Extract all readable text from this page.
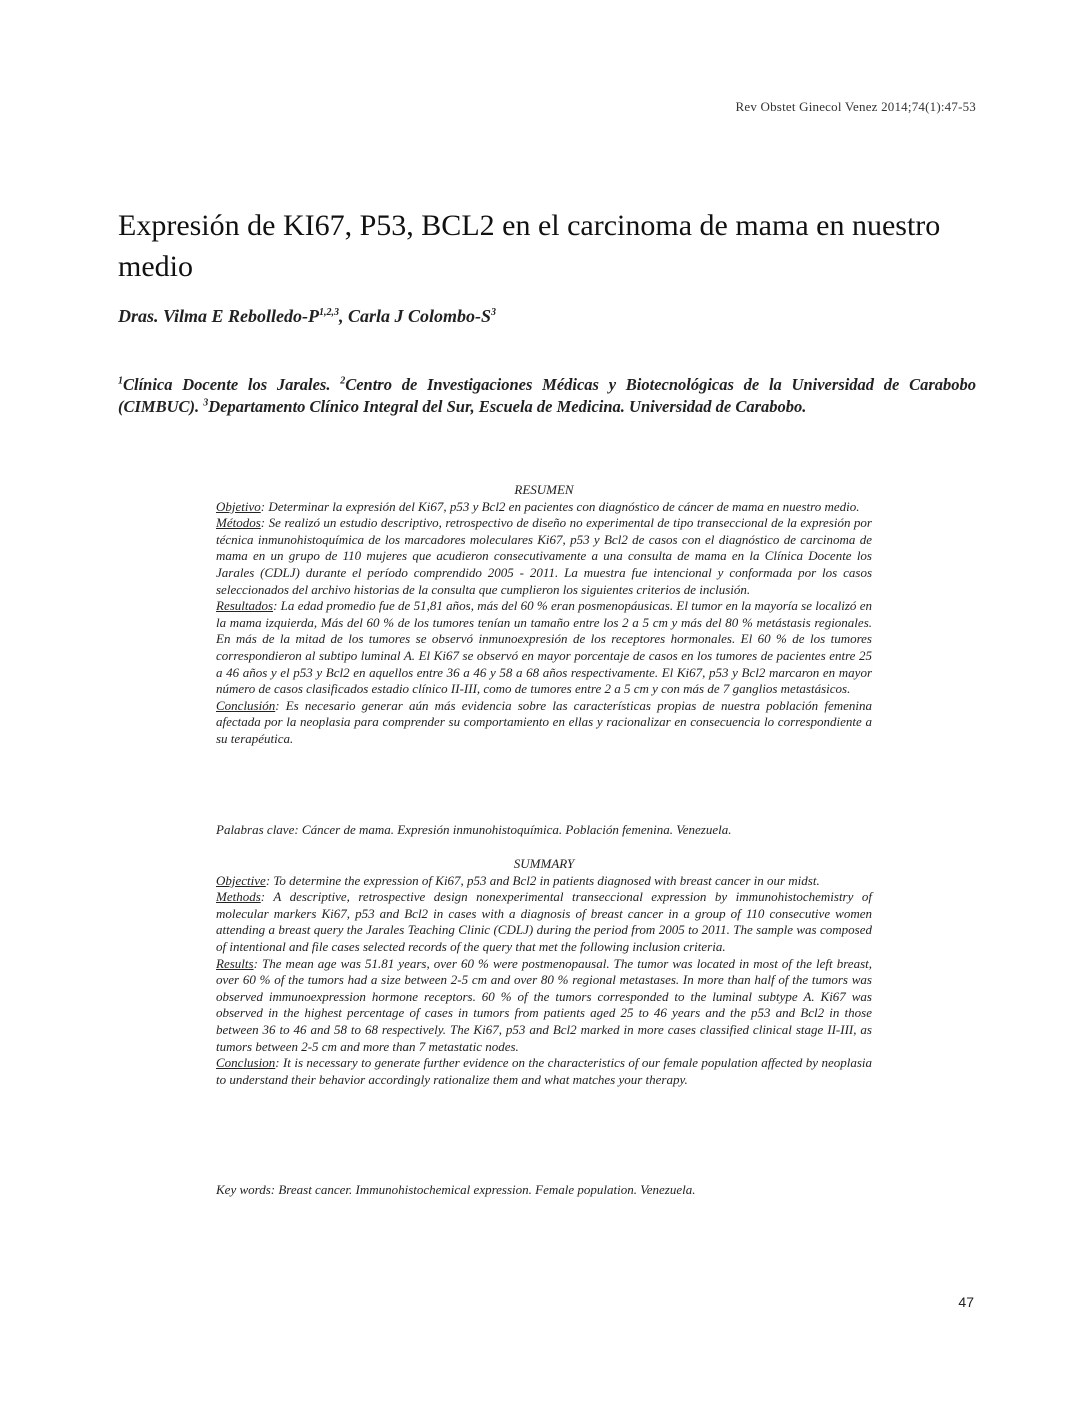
Rev Obstet Ginecol Venez 2014;74(1):47-53
Expresión de KI67, P53, BCL2 en el carcinoma de mama en nuestro medio
Dras. Vilma E Rebolledo-$P^{1,2,3}$, Carla J Colombo-$S^3$

$^1$Clínica Docente los Jarales. $^2$Centro de Investigaciones Médicas y Biotecnológicas de la Universidad de Carabobo (CIMBUC). $^3$Departamento Clínico Integral del Sur, Escuela de Medicina. Universidad de Carabobo.

RESUMEN

Objetivo: Determinar la expresión del Ki67, p53 y Bcl2 en pacientes con diagnóstico de cáncer de mama en nuestro medio.

Métodos: Se realizó un estudio descriptivo, retrospectivo de diseño no experimental de tipo transeccional de la expresión por técnica inmunohistoquímica de los marcadores moleculares Ki67, p53 y Bcl2 de casos con el diagnóstico de carcinoma de mama en un grupo de 110 mujeres que acudieron consecutivamente a una consulta de mama en la Clínica Docente los Jarales (CDLJ) durante el período comprendido 2005 - 2011. La muestra fue intencional y conformada por los casos seleccionados del archivo historias de la consulta que cumplieron los siguientes criterios de inclusión.

Resultados: La edad promedio fue de 51,81 años, más del 60 % eran posmenopáusicas. El tumor en la mayoría se localizó en la mama izquierda, Más del 60 % de los tumores tenían un tamaño entre los 2 a 5 cm y más del 80 % metástasis regionales. En más de la mitad de los tumores se observó inmunoexpresión de los receptores hormonales. El 60 % de los tumores correspondieron al subtipo luminal A. El Ki67 se observó en mayor porcentaje de casos en los tumores de pacientes entre 25 a 46 años y el p53 y Bcl2 en aquellos entre 36 a 46 y 58 a 68 años respectivamente. El Ki67, p53 y Bcl2 marcaron en mayor número de casos clasificados estadio clínico II-III, como de tumores entre 2 a 5 cm y con más de 7 ganglios metastásicos.

Conclusión: Es necesario generar aún más evidencia sobre las características propias de nuestra población femenina afectada por la neoplasia para comprender su comportamiento en ellas y racionalizar en consecuencia lo correspondiente a su terapéutica.

Palabras clave: Cáncer de mama. Expresión inmunohistoquímica. Población femenina. Venezuela.

SUMMARY

Objective: To determine the expression of Ki67, p53 and Bcl2 in patients diagnosed with breast cancer in our midst.

Methods: A descriptive, retrospective design nonexperimental transeccional expression by immunohistochemistry of molecular markers Ki67, p53 and Bcl2 in cases with a diagnosis of breast cancer in a group of 110 consecutive women attending a breast query the Jarales Teaching Clinic (CDLJ) during the period from 2005 to 2011. The sample was composed of intentional and file cases selected records of the query that met the following inclusion criteria.

Results: The mean age was 51.81 years, over 60 % were postmenopausal. The tumor was located in most of the left breast, over 60 % of the tumors had a size between 2-5 cm and over 80 % regional metastases. In more than half of the tumors was observed immunoexpression hormone receptors. 60 % of the tumors corresponded to the luminal subtype A. Ki67 was observed in the highest percentage of cases in tumors from patients aged 25 to 46 years and the p53 and Bcl2 in those between 36 to 46 and 58 to 68 respectively. The Ki67, p53 and Bcl2 marked in more cases classified clinical stage II-III, as tumors between 2-5 cm and more than 7 metastatic nodes.

Conclusion: It is necessary to generate further evidence on the characteristics of our female population affected by neoplasia to understand their behavior accordingly rationalize them and what matches your therapy.

Key words: Breast cancer. Immunohistochemical expression. Female population. Venezuela.

47
